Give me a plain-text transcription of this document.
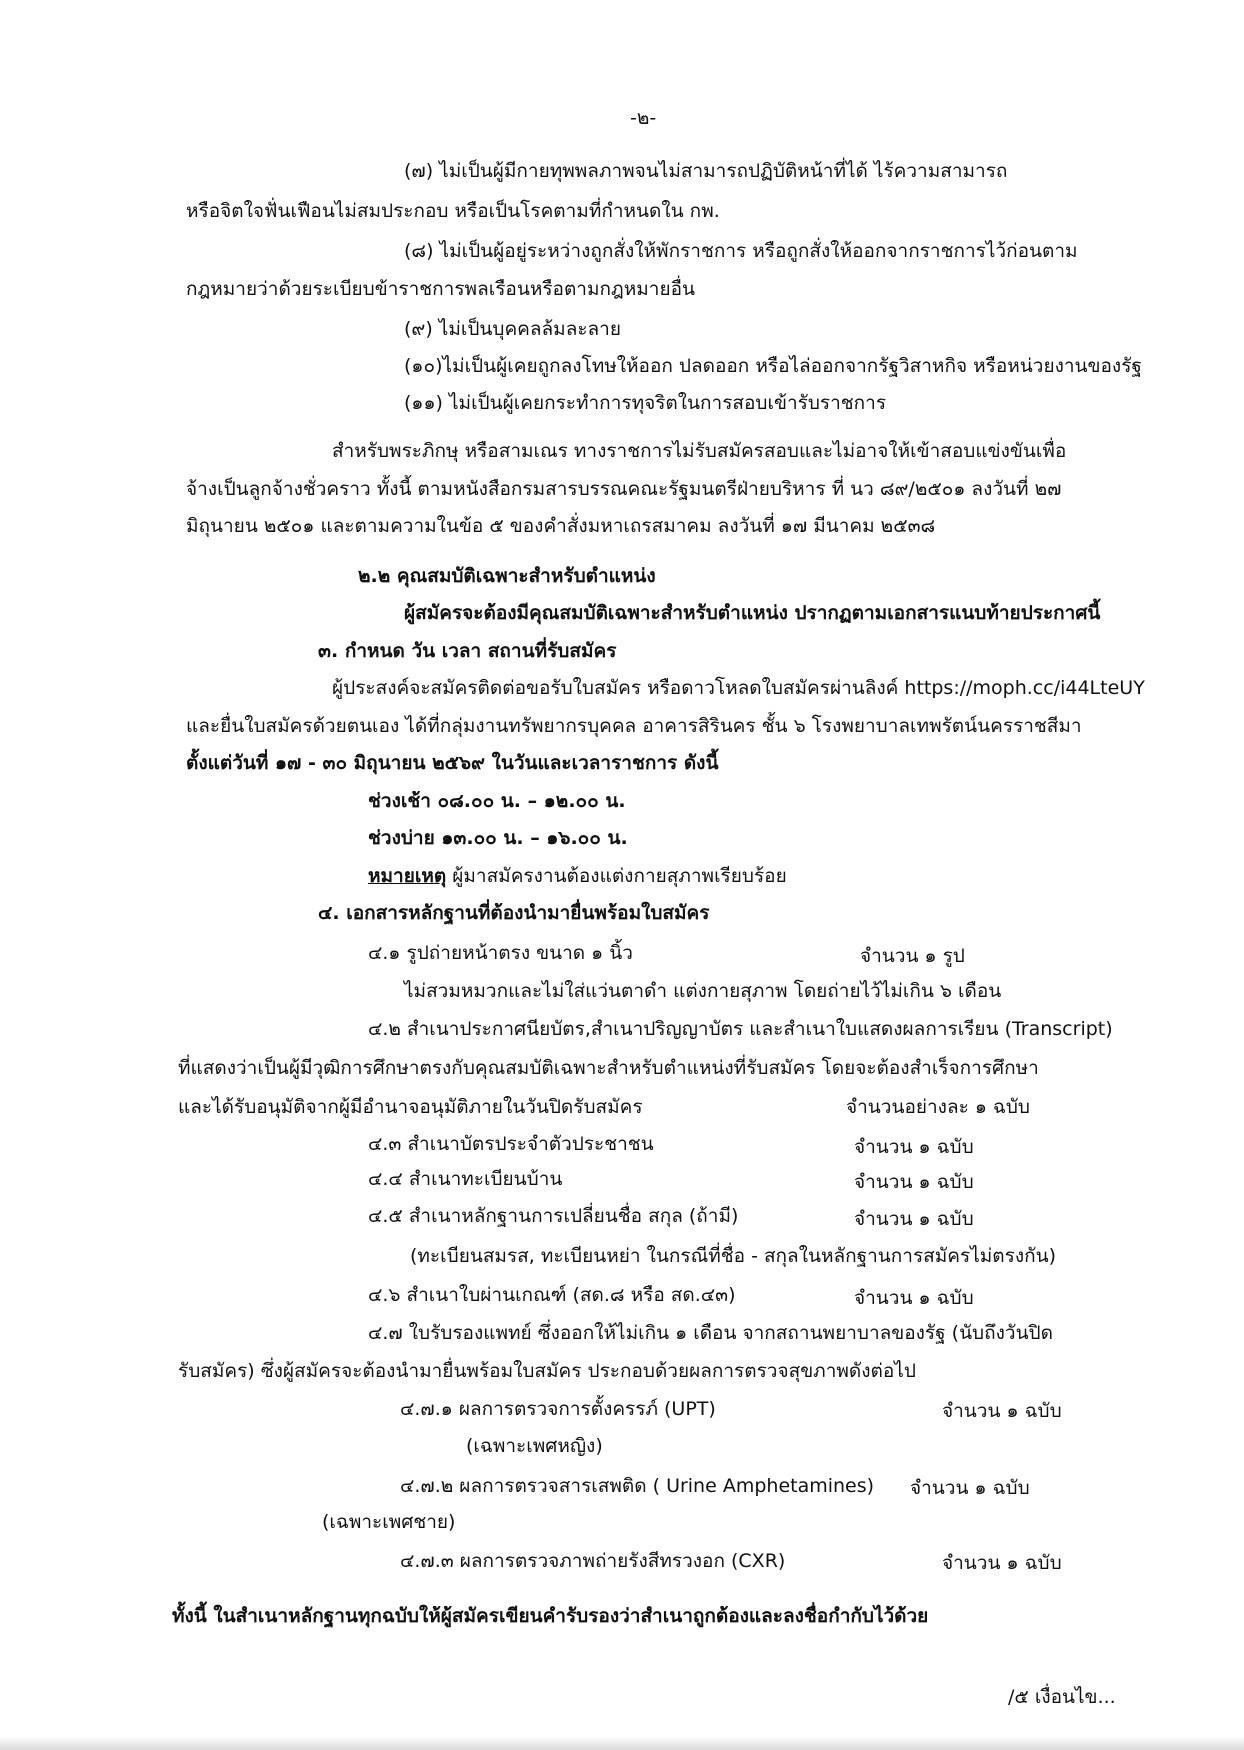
-๒-
(๗) ไม่เป็นผู้มีกายทุพพลภาพจนไม่สามารถปฏิบัติหน้าที่ได้ ไร้ความสามารถ
หรือจิตใจฟั่นเฟือนไม่สมประกอบ หรือเป็นโรคตามที่กำหนดใน กพ.
(๘) ไม่เป็นผู้อยู่ระหว่างถูกสั่งให้พักราชการ หรือถูกสั่งให้ออกจากราชการไว้ก่อนตาม
กฎหมายว่าด้วยระเบียบข้าราชการพลเรือนหรือตามกฎหมายอื่น
(๙) ไม่เป็นบุคคลล้มละลาย
(๑๐)ไม่เป็นผู้เคยถูกลงโทษให้ออก ปลดออก หรือไล่ออกจากรัฐวิสาหกิจ หรือหน่วยงานของรัฐ
(๑๑) ไม่เป็นผู้เคยกระทำการทุจริตในการสอบเข้ารับราชการ
สำหรับพระภิกษุ หรือสามเณร ทางราชการไม่รับสมัครสอบและไม่อาจให้เข้าสอบแข่งขันเพื่อ
จ้างเป็นลูกจ้างชั่วคราว ทั้งนี้ ตามหนังสือกรมสารบรรณคณะรัฐมนตรีฝ่ายบริหาร ที่ นว ๘๙/๒๕๐๑ ลงวันที่ ๒๗
มิถุนายน ๒๕๐๑ และตามความในข้อ ๕ ของคำสั่งมหาเถรสมาคม ลงวันที่ ๑๗ มีนาคม ๒๕๓๘
๒.๒ คุณสมบัติเฉพาะสำหรับตำแหน่ง
ผู้สมัครจะต้องมีคุณสมบัติเฉพาะสำหรับตำแหน่ง ปรากฏตามเอกสารแนบท้ายประกาศนี้
๓. กำหนด วัน เวลา สถานที่รับสมัคร
ผู้ประสงค์จะสมัครติดต่อขอรับใบสมัคร หรือดาวโหลดใบสมัครผ่านลิงค์ https://moph.cc/i44LteUY
และยื่นใบสมัครด้วยตนเอง ได้ที่กลุ่มงานทรัพยากรบุคคล อาคารสิรินคร ชั้น ๖ โรงพยาบาลเทพรัตน์นครราชสีมา
ตั้งแต่วันที่ ๑๗ - ๓๐ มิถุนายน ๒๕๖๙ ในวันและเวลาราชการ ดังนี้
ช่วงเช้า ๐๘.๐๐ น. – ๑๒.๐๐ น.
ช่วงบ่าย ๑๓.๐๐ น. – ๑๖.๐๐ น.
หมายเหตุ ผู้มาสมัครงานต้องแต่งกายสุภาพเรียบร้อย
๔. เอกสารหลักฐานที่ต้องนำมายื่นพร้อมใบสมัคร
๔.๑ รูปถ่ายหน้าตรง ขนาด ๑ นิ้ว	จำนวน ๑ รูป
ไม่สวมหมวกและไม่ใส่แว่นตาดำ แต่งกายสุภาพ โดยถ่ายไว้ไม่เกิน ๖ เดือน
๔.๒ สำเนาประกาศนียบัตร,สำเนาปริญญาบัตร และสำเนาใบแสดงผลการเรียน (Transcript)
ที่แสดงว่าเป็นผู้มีวุฒิการศึกษาตรงกับคุณสมบัติเฉพาะสำหรับตำแหน่งที่รับสมัคร โดยจะต้องสำเร็จการศึกษา
และได้รับอนุมัติจากผู้มีอำนาจอนุมัติภายในวันปิดรับสมัคร	จำนวนอย่างละ ๑ ฉบับ
๔.๓ สำเนาบัตรประจำตัวประชาชน	จำนวน ๑ ฉบับ
๔.๔ สำเนาทะเบียนบ้าน	จำนวน ๑ ฉบับ
๔.๕ สำเนาหลักฐานการเปลี่ยนชื่อ สกุล (ถ้ามี)	จำนวน ๑ ฉบับ
(ทะเบียนสมรส, ทะเบียนหย่า ในกรณีที่ชื่อ - สกุลในหลักฐานการสมัครไม่ตรงกัน)
๔.๖ สำเนาใบผ่านเกณฑ์ (สด.๘ หรือ สด.๔๓)	จำนวน ๑ ฉบับ
๔.๗ ใบรับรองแพทย์ ซึ่งออกให้ไม่เกิน ๑ เดือน จากสถานพยาบาลของรัฐ (นับถึงวันปิด
รับสมัคร) ซึ่งผู้สมัครจะต้องนำมายื่นพร้อมใบสมัคร ประกอบด้วยผลการตรวจสุขภาพดังต่อไป
๔.๗.๑ ผลการตรวจการตั้งครรภ์ (UPT)	จำนวน ๑ ฉบับ
(เฉพาะเพศหญิง)
๔.๗.๒ ผลการตรวจสารเสพติด ( Urine Amphetamines) จำนวน ๑ ฉบับ
(เฉพาะเพศชาย)
๔.๗.๓ ผลการตรวจภาพถ่ายรังสีทรวงอก (CXR)	จำนวน ๑ ฉบับ
ทั้งนี้ ในสำเนาหลักฐานทุกฉบับให้ผู้สมัครเขียนคำรับรองว่าสำเนาถูกต้องและลงชื่อกำกับไว้ด้วย
/๕ เงื่อนไข...
